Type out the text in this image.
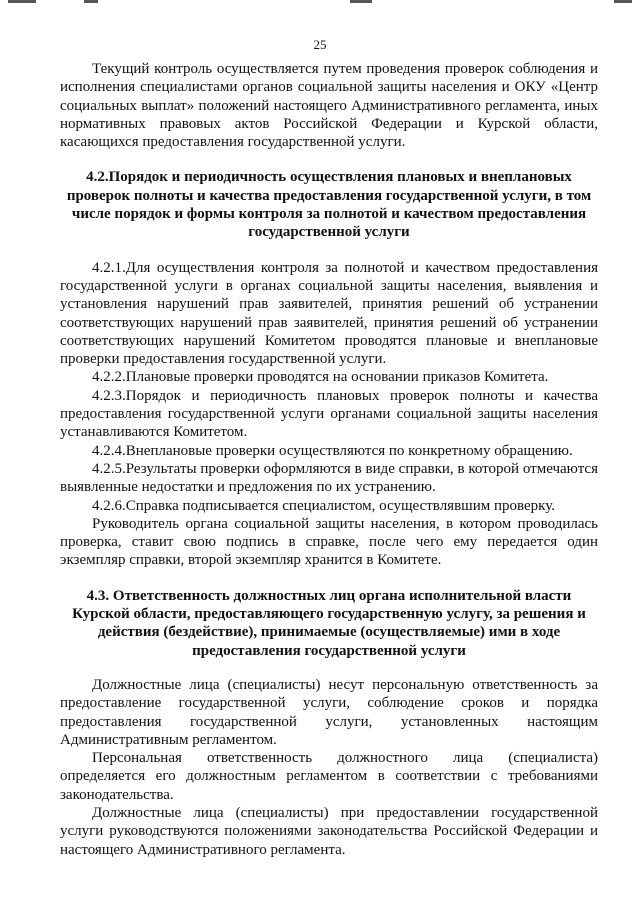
25

Текущий контроль осуществляется путем проведения проверок соблюдения и исполнения специалистами органов социальной защиты населения и ОКУ «Центр социальных выплат» положений настоящего Административного регламента, иных нормативных правовых актов Российской Федерации и Курской области, касающихся предоставления государственной услуги.

4.2.Порядок и периодичность осуществления плановых и внеплановых проверок полноты и качества предоставления государственной услуги, в том числе порядок и формы контроля за полнотой и качеством предоставления государственной услуги

4.2.1.Для осуществления контроля за полнотой и качеством предоставления государственной услуги в органах социальной защиты населения, выявления и установления нарушений прав заявителей, принятия решений об устранении соответствующих нарушений прав заявителей, принятия решений об устранении соответствующих нарушений Комитетом проводятся плановые и внеплановые проверки предоставления государственной услуги.

4.2.2.Плановые проверки проводятся на основании приказов Комитета.

4.2.3.Порядок и периодичность плановых проверок полноты и качества предоставления государственной услуги органами социальной защиты населения устанавливаются Комитетом.

4.2.4.Внеплановые проверки осуществляются по конкретному обращению.

4.2.5.Результаты проверки оформляются в виде справки, в которой отмечаются выявленные недостатки и предложения по их устранению.

4.2.6.Справка подписывается специалистом, осуществлявшим проверку.

Руководитель органа социальной защиты населения, в котором проводилась проверка, ставит свою подпись в справке, после чего ему передается один экземпляр справки, второй экземпляр хранится в Комитете.

4.3. Ответственность должностных лиц органа исполнительной власти Курской области, предоставляющего государственную услугу, за решения и действия (бездействие), принимаемые (осуществляемые) ими в ходе предоставления государственной услуги

Должностные лица (специалисты) несут персональную ответственность за предоставление государственной услуги, соблюдение сроков и порядка предоставления государственной услуги, установленных настоящим Административным регламентом.

Персональная ответственность должностного лица (специалиста) определяется его должностным регламентом в соответствии с требованиями законодательства.

Должностные лица (специалисты) при предоставлении государственной услуги руководствуются положениями законодательства Российской Федерации и настоящего Административного регламента.
